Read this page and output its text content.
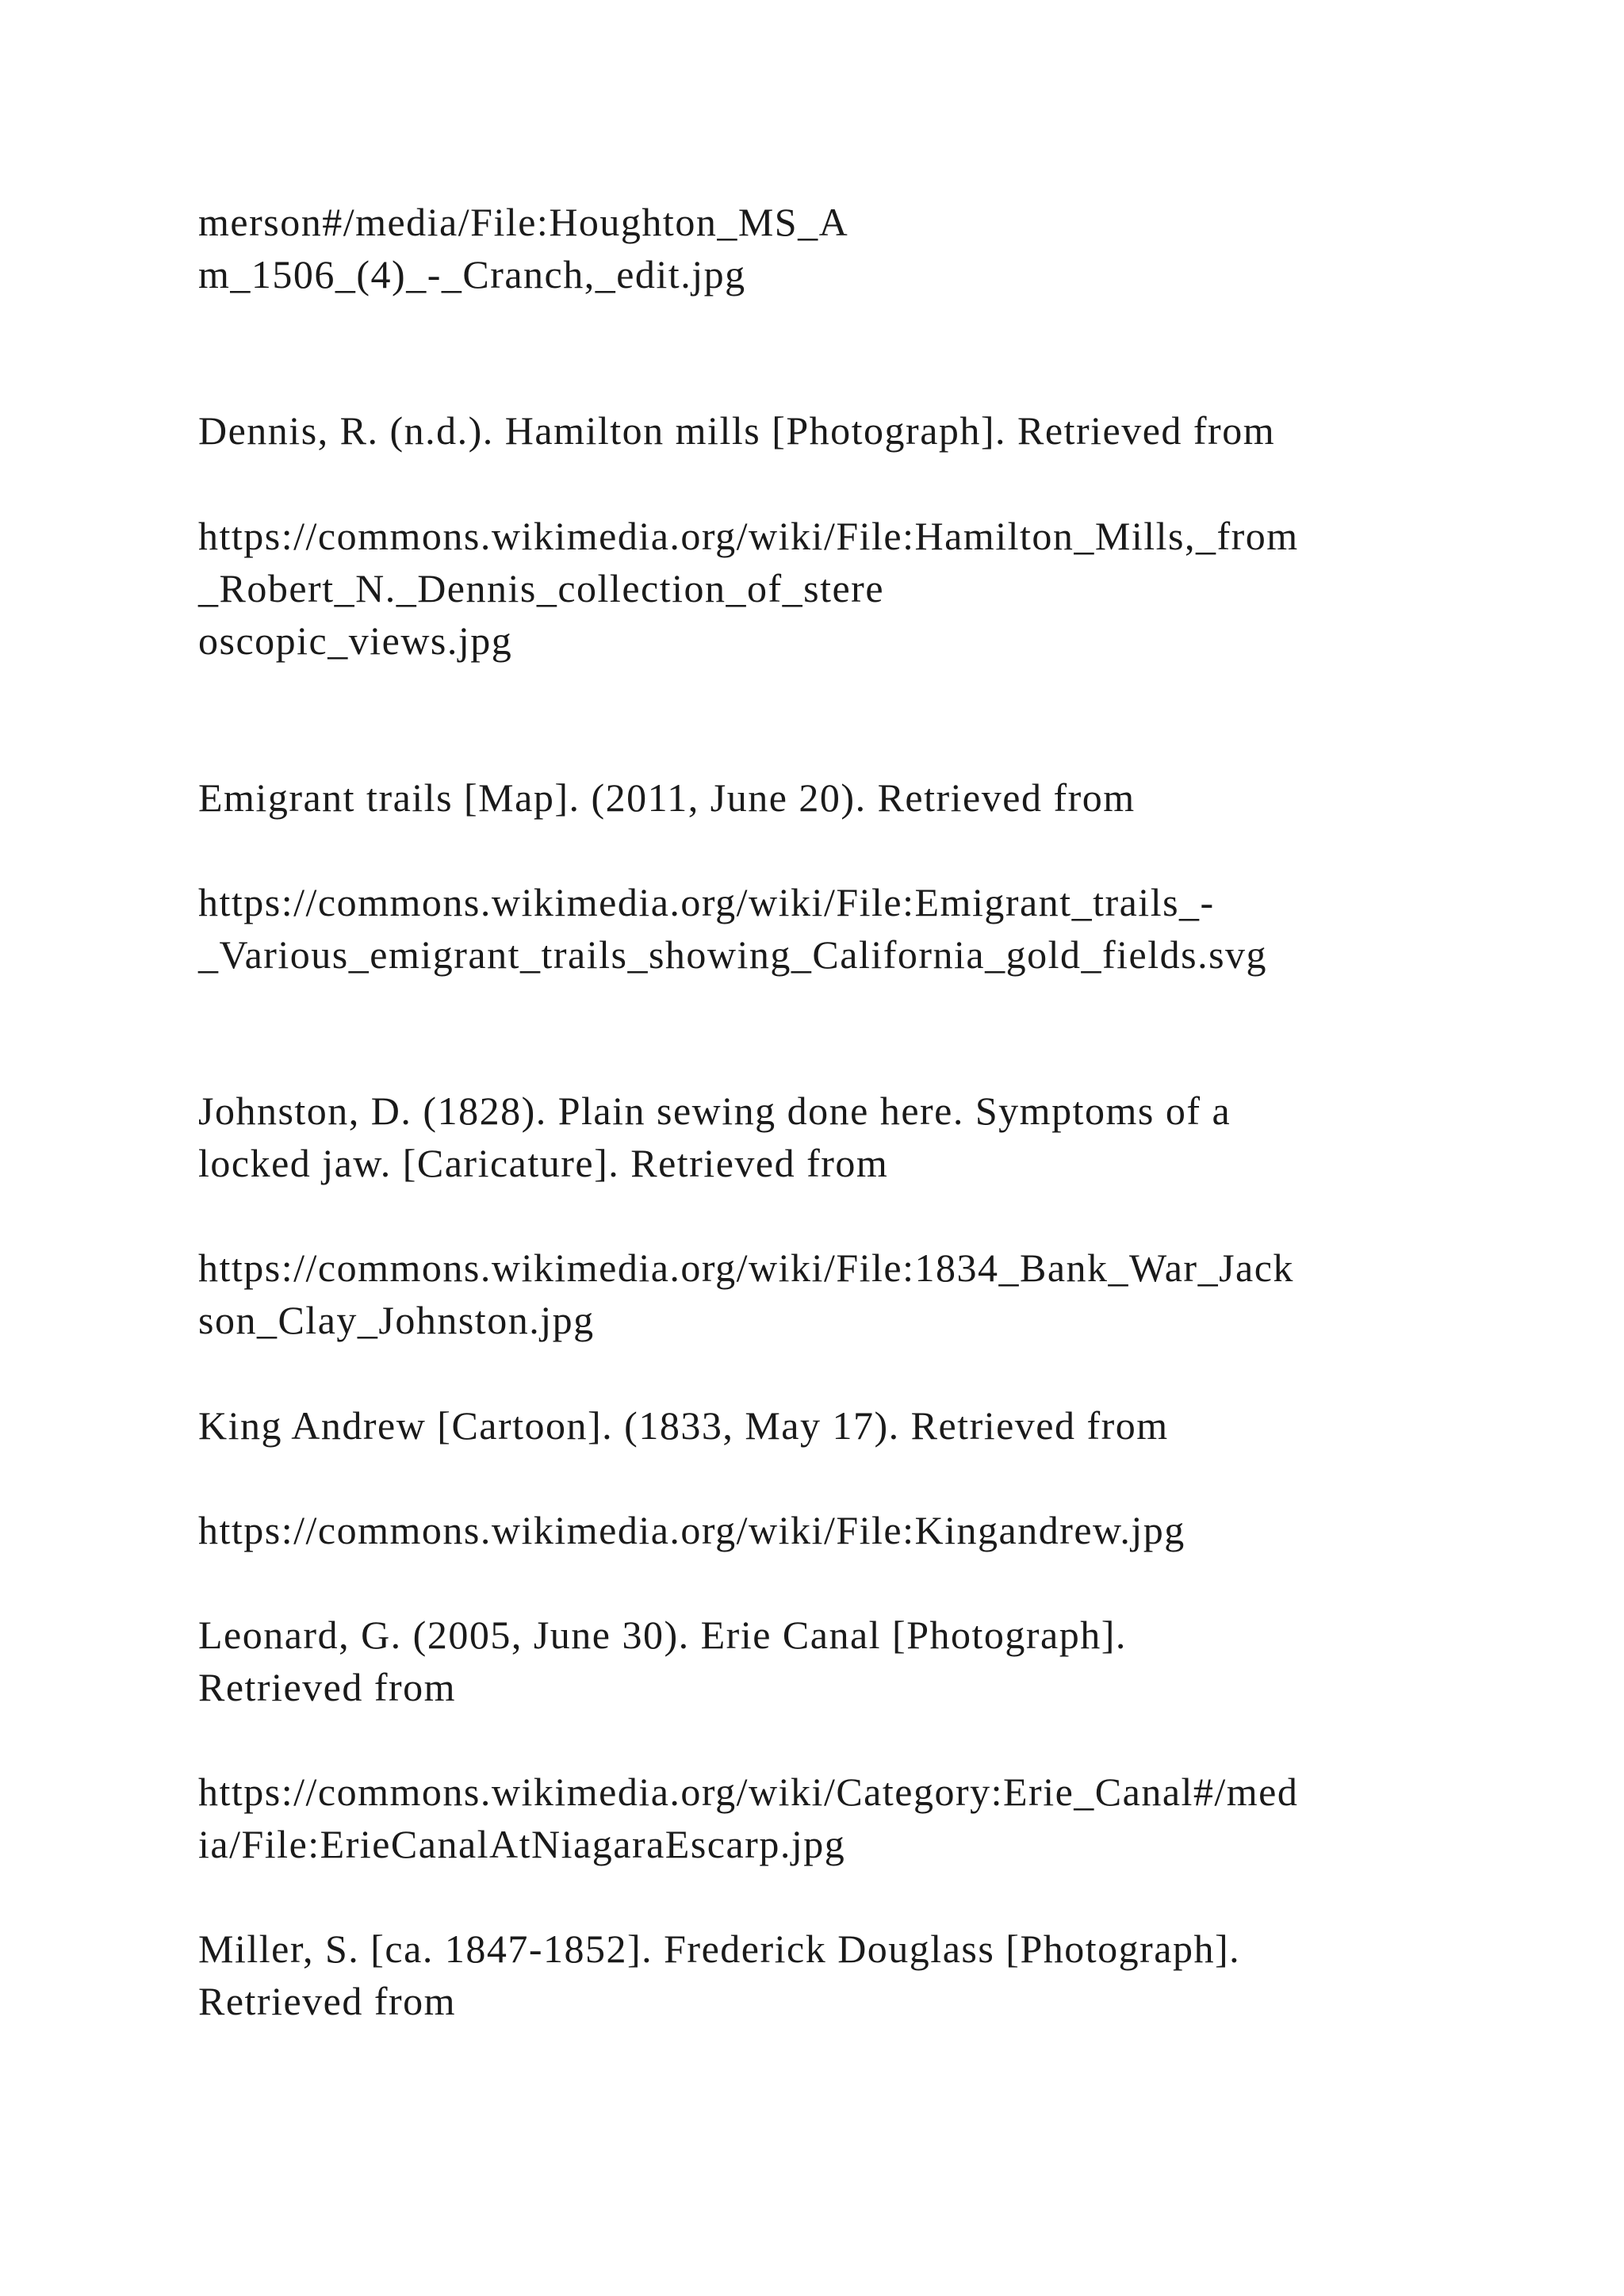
merson#/media/File:Houghton_MS_A

m_1506_(4)_-_Cranch,_edit.jpg

Dennis, R. (n.d.). Hamilton mills [Photograph]. Retrieved from

https://commons.wikimedia.org/wiki/File:Hamilton_Mills,_from

_Robert_N._Dennis_collection_of_stere

oscopic_views.jpg

Emigrant trails [Map]. (2011, June 20). Retrieved from

https://commons.wikimedia.org/wiki/File:Emigrant_trails_-

_Various_emigrant_trails_showing_California_gold_fields.svg

Johnston, D. (1828). Plain sewing done here. Symptoms of a

locked jaw. [Caricature]. Retrieved from

https://commons.wikimedia.org/wiki/File:1834_Bank_War_Jack

son_Clay_Johnston.jpg

King Andrew [Cartoon]. (1833, May 17). Retrieved from

https://commons.wikimedia.org/wiki/File:Kingandrew.jpg

Leonard, G. (2005, June 30). Erie Canal [Photograph].

Retrieved from

https://commons.wikimedia.org/wiki/Category:Erie_Canal#/med

ia/File:ErieCanalAtNiagaraEscarp.jpg

Miller, S. [ca. 1847-1852]. Frederick Douglass [Photograph].

Retrieved from
